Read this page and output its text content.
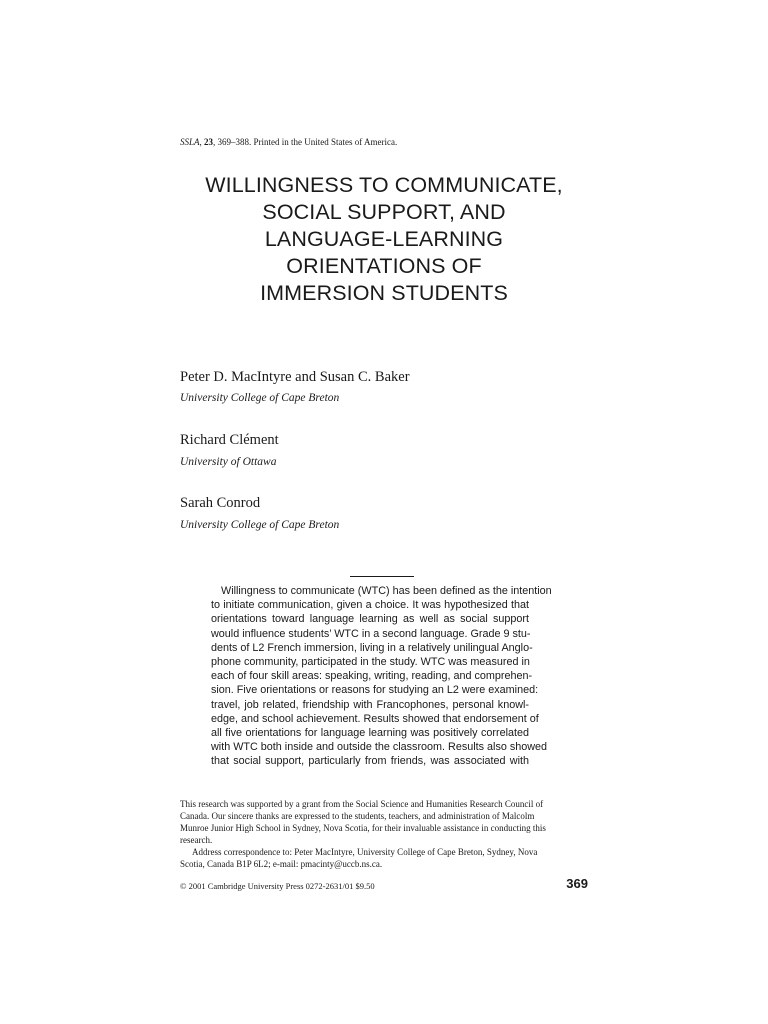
SSLA, 23, 369–388. Printed in the United States of America.
WILLINGNESS TO COMMUNICATE,
SOCIAL SUPPORT, AND
LANGUAGE-LEARNING
ORIENTATIONS OF
IMMERSION STUDENTS
Peter D. MacIntyre and Susan C. Baker
University College of Cape Breton
Richard Clément
University of Ottawa
Sarah Conrod
University College of Cape Breton
Willingness to communicate (WTC) has been defined as the intention
to initiate communication, given a choice. It was hypothesized that
orientations toward language learning as well as social support
would influence students’ WTC in a second language. Grade 9 stu-
dents of L2 French immersion, living in a relatively unilingual Anglo-
phone community, participated in the study. WTC was measured in
each of four skill areas: speaking, writing, reading, and comprehen-
sion. Five orientations or reasons for studying an L2 were examined:
travel, job related, friendship with Francophones, personal knowl-
edge, and school achievement. Results showed that endorsement of
all five orientations for language learning was positively correlated
with WTC both inside and outside the classroom. Results also showed
that social support, particularly from friends, was associated with
This research was supported by a grant from the Social Science and Humanities Research Council of
Canada. Our sincere thanks are expressed to the students, teachers, and administration of Malcolm
Munroe Junior High School in Sydney, Nova Scotia, for their invaluable assistance in conducting this
research.
Address correspondence to: Peter MacIntyre, University College of Cape Breton, Sydney, Nova
Scotia, Canada B1P 6L2; e-mail: pmacinty@uccb.ns.ca.
© 2001 Cambridge University Press 0272-2631/01 $9.50	369
